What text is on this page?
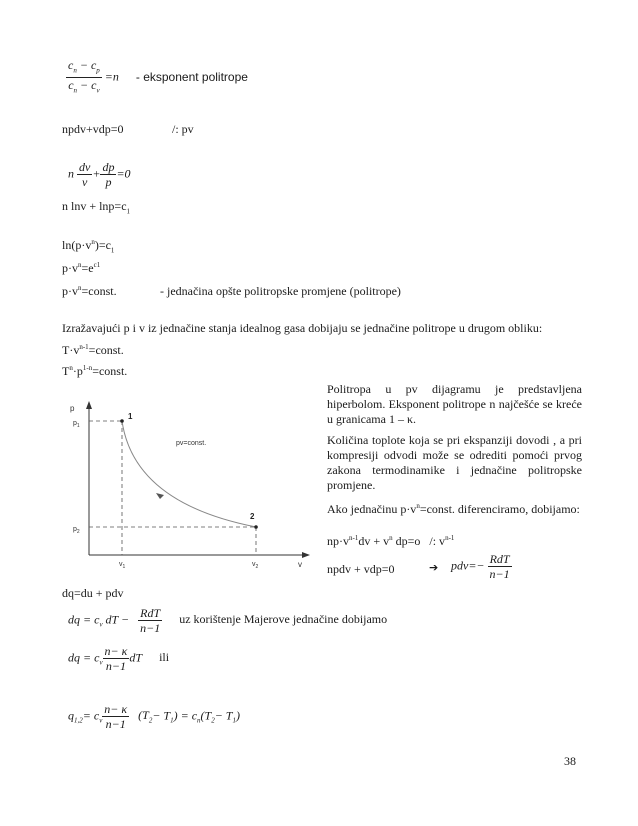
$\frac{c_n - c_p}{c_n - c_v} =n$ - eksponent politrope
npdv+vdp=0	/: pv
n $\frac{dv}{v} + \frac{dp}{p} =0$
n $\ln v + \ln p=c_1$
$\ln(p\cdot v^n)=c_1$
$p\cdot v^n=e^{c1}$
$p\cdot v^n=const$.	- jednačina opšte politropske promjene (politrope)
Izražavajući p i v iz jednačine stanja idealnog gasa dobijaju se jednačine politrope u drugom obliku:
$T\cdot v^{n-1}=const$.
$T^n\cdot p^{1-n}=const$.
p
v
1
2
pv=const.
$p_1$
$p_2$
$v_1$	$v_2$

Politropa u pv dijagramu je predstavljena hiperbolom. Eksponent politrope n najčešće se kreće u granicama 1 – κ.

Količina toplote koja se pri ekspanziji dovodi , a pri kompresiji odvodi može se odrediti pomoći prvog zakona termodinamike i jednačine politropske promjene.

Ako jednačinu $p\cdot v^n=const$. diferenciramo, dobijamo:

$np\cdot v^{n-1}dv + v^n$ dp=o   /: $v^{n-1}$
npdv + vdp=0	➔ $pdv=- \frac{\text{RdT}}{n-1}$
dq=du + pdv
dq = $c_v$ dT − $\frac{\text{RdT}}{n-1}$ uz korištenje Majerove jednačine dobijamo
dq = $c_v \frac{n- \kappa}{n-1}$ dT ili
$q_{1,2}= c_v \frac{n- \kappa}{n-1} (T_2- T_1) = c_n(T_2- T_1)$
38
